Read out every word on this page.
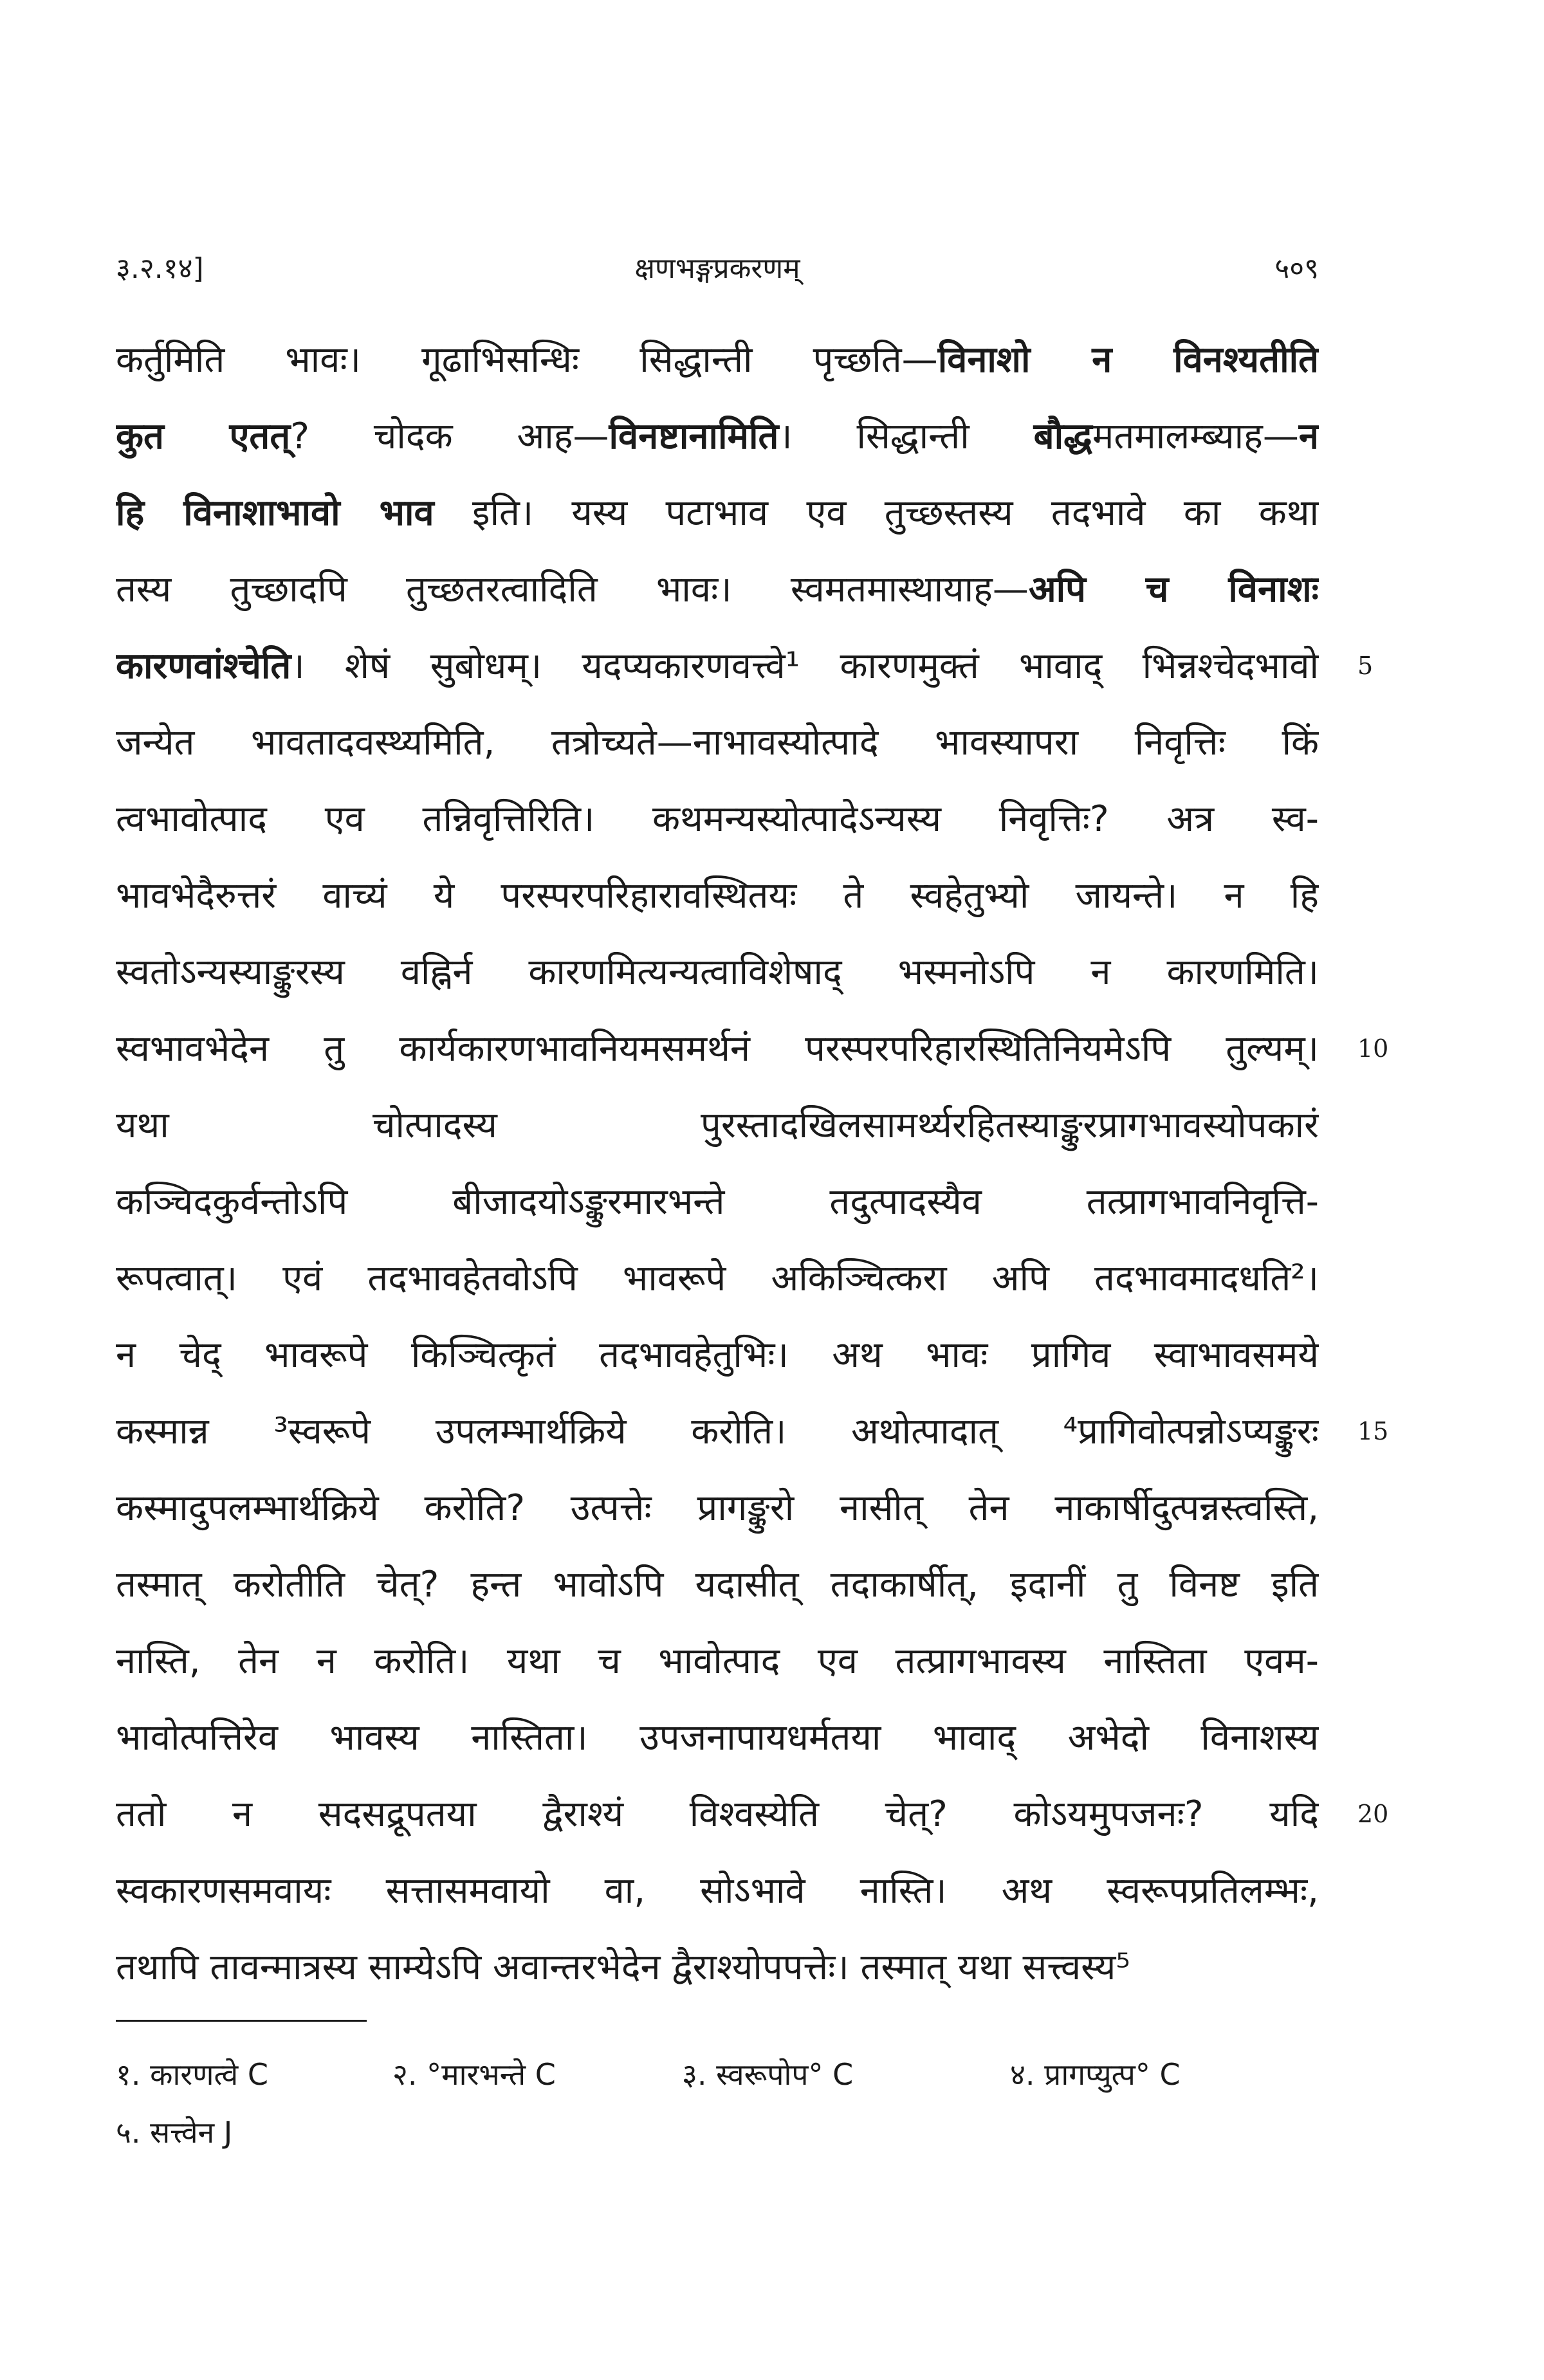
३.२.१४]	क्षणभङ्गप्रकरणम्	५०९
कर्तुमिति भावः। गूढाभिसन्धिः सिद्धान्ती पृच्छति—विनाशो न विनश्यतीति
कुत एतत्? चोदक आह—विनष्टानामिति। सिद्धान्ती बौद्धमतमालम्ब्याह—न
हि विनाशाभावो भाव इति। यस्य पटाभाव एव तुच्छस्तस्य तदभावे का कथा
तस्य तुच्छादपि तुच्छतरत्वादिति भावः। स्वमतमास्थायाह—अपि च विनाशः
कारणवांश्चेति। शेषं सुबोधम्। यदप्यकारणवत्त्वे¹ कारणमुक्तं भावाद् भिन्नश्चेदभावो
जन्येत भावतादवस्थ्यमिति, तत्रोच्यते—नाभावस्योत्पादे भावस्यापरा निवृत्तिः किं
त्वभावोत्पाद एव तन्निवृत्तिरिति। कथमन्यस्योत्पादेऽन्यस्य निवृत्तिः? अत्र स्व-
भावभेदैरुत्तरं वाच्यं ये परस्परपरिहारावस्थितयः ते स्वहेतुभ्यो जायन्ते। न हि
स्वतोऽन्यस्याङ्कुरस्य वह्निर्न कारणमित्यन्यत्वाविशेषाद् भस्मनोऽपि न कारणमिति।
स्वभावभेदेन तु कार्यकारणभावनियमसमर्थनं परस्परपरिहारस्थितिनियमेऽपि तुल्यम्।
यथा चोत्पादस्य पुरस्तादखिलसामर्थ्यरहितस्याङ्कुरप्रागभावस्योपकारं
कञ्चिदकुर्वन्तोऽपि बीजादयोऽङ्कुरमारभन्ते तदुत्पादस्यैव तत्प्रागभावनिवृत्ति-
रूपत्वात्। एवं तदभावहेतवोऽपि भावरूपे अकिञ्चित्करा अपि तदभावमादधति²।
न चेद् भावरूपे किञ्चित्कृतं तदभावहेतुभिः। अथ भावः प्रागिव स्वाभावसमये
कस्मान्न ³स्वरूपे उपलम्भार्थक्रिये करोति। अथोत्पादात् ⁴प्रागिवोत्पन्नोऽप्यङ्कुरः
कस्मादुपलम्भार्थक्रिये करोति? उत्पत्तेः प्रागङ्कुरो नासीत् तेन नाकार्षीदुत्पन्नस्त्वस्ति,
तस्मात् करोतीति चेत्? हन्त भावोऽपि यदासीत् तदाकार्षीत्, इदानीं तु विनष्ट इति
नास्ति, तेन न करोति। यथा च भावोत्पाद एव तत्प्रागभावस्य नास्तिता एवम-
भावोत्पत्तिरेव भावस्य नास्तिता। उपजनापायधर्मतया भावाद् अभेदो विनाशस्य
ततो न सदसद्रूपतया द्वैराश्यं विश्वस्येति चेत्? कोऽयमुपजनः? यदि
स्वकारणसमवायः सत्तासमवायो वा, सोऽभावे नास्ति। अथ स्वरूपप्रतिलम्भः,
तथापि तावन्मात्रस्य साम्येऽपि अवान्तरभेदेन द्वैराश्योपपत्तेः। तस्मात् यथा सत्त्वस्य⁵
5
10
15
20
१. कारणत्वे C	२. °मारभन्ते C	३. स्वरूपोप° C	४. प्रागप्युत्प° C
५. सत्त्वेन J
